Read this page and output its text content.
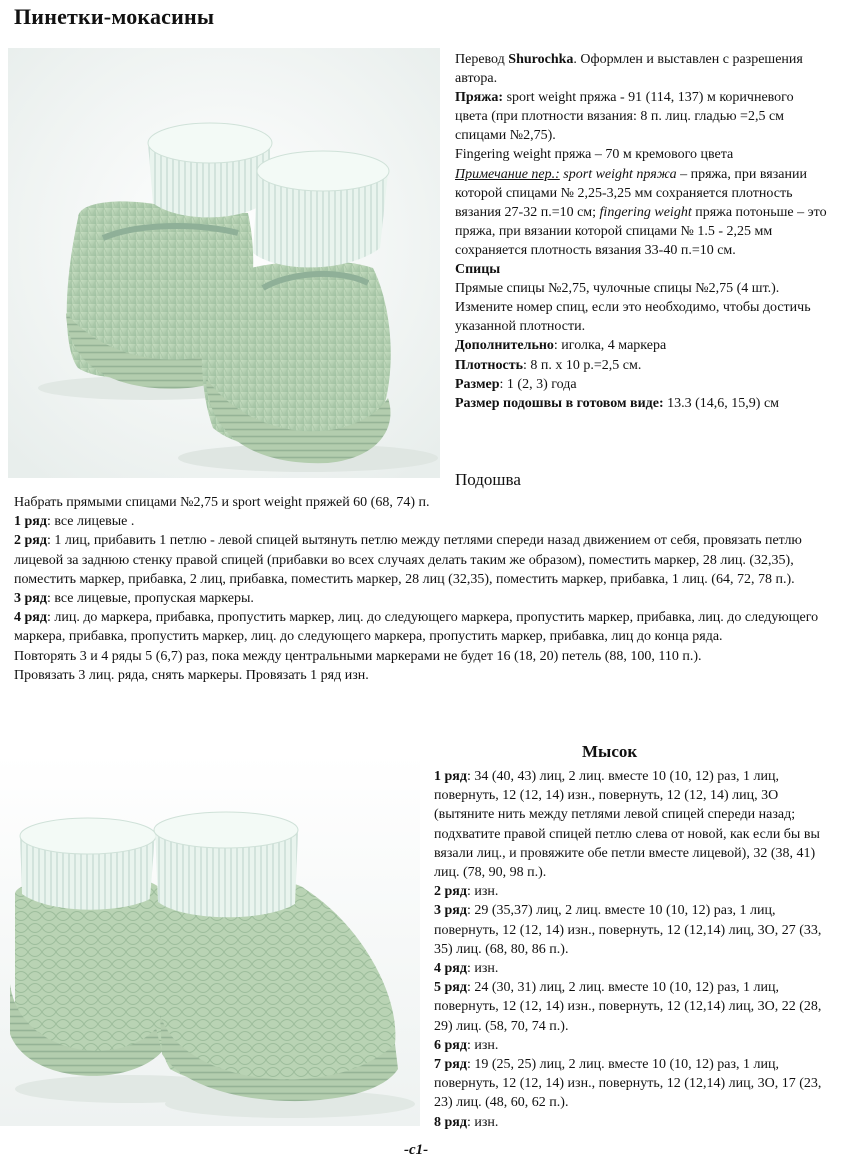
Пинетки-мокасины

Перевод Shurochka. Оформлен и выставлен с разрешения автора.

Пряжа: sport weight пряжа - 91 (114, 137) м коричневого цвета (при плотности вязания: 8 п. лиц. гладью =2,5 см спицами №2,75).

Fingering weight пряжа – 70 м кремового цвета

Примечание пер.: sport weight пряжа – пряжа, при вязании которой спицами № 2,25-3,25 мм сохраняется плотность вязания 27-32 п.=10 см; fingering weight пряжа потоньше – это пряжа, при вязании которой спицами № 1.5 - 2,25 мм сохраняется плотность вязания 33-40 п.=10 см.

Спицы

Прямые спицы №2,75, чулочные спицы №2,75 (4 шт.). Измените номер спиц, если это необходимо, чтобы достичь указанной плотности.

Дополнительно: иголка, 4 маркера

Плотность: 8 п. x 10 р.=2,5 см.

Размер: 1 (2, 3) года

Размер подошвы в готовом виде: 13.3 (14,6, 15,9) см

Подошва

Набрать прямыми спицами №2,75 и sport weight пряжей 60 (68, 74) п.

1 ряд: все лицевые .

2 ряд: 1 лиц, прибавить 1 петлю - левой спицей вытянуть петлю между петлями спереди назад движением от себя, провязать петлю лицевой за заднюю стенку правой спицей (прибавки во всех случаях делать таким же образом), поместить маркер, 28 лиц. (32,35), поместить маркер, прибавка, 2 лиц, прибавка, поместить маркер, 28 лиц (32,35), поместить маркер, прибавка, 1 лиц. (64, 72, 78 п.).

3 ряд: все лицевые, пропуская маркеры.

4 ряд: лиц. до маркера, прибавка, пропустить маркер, лиц. до следующего маркера, пропустить маркер, прибавка, лиц. до следующего маркера, прибавка, пропустить маркер, лиц. до следующего маркера, пропустить маркер, прибавка, лиц до конца ряда.

Повторять 3 и 4 ряды 5 (6,7) раз, пока между центральными маркерами не будет 16 (18, 20) петель (88, 100, 110 п.).

Провязать 3 лиц. ряда, снять маркеры. Провязать 1 ряд изн.

Мысок

1 ряд: 34 (40, 43) лиц, 2 лиц. вместе 10 (10, 12) раз, 1 лиц, повернуть, 12 (12, 14) изн., повернуть, 12 (12, 14) лиц, 3О (вытяните нить между петлями левой спицей спереди назад; подхватите правой спицей петлю слева от новой, как если бы вы вязали лиц., и провяжите обе петли вместе лицевой), 32 (38, 41) лиц. (78, 90, 98 п.).

2 ряд: изн.

3 ряд: 29 (35,37) лиц, 2 лиц. вместе 10 (10, 12) раз, 1 лиц, повернуть, 12 (12, 14) изн., повернуть, 12 (12,14) лиц, 3О, 27 (33, 35) лиц. (68, 80, 86 п.).

4 ряд: изн.

5 ряд: 24 (30, 31) лиц, 2 лиц. вместе 10 (10, 12) раз, 1 лиц, повернуть, 12 (12, 14) изн., повернуть, 12 (12,14) лиц, 3О, 22 (28, 29) лиц. (58, 70, 74 п.).

6 ряд: изн.

7 ряд: 19 (25, 25) лиц, 2 лиц. вместе 10 (10, 12) раз, 1 лиц, повернуть, 12 (12, 14) изн., повернуть, 12 (12,14) лиц, 3О, 17 (23, 23) лиц. (48, 60, 62 п.).

8 ряд: изн.

-с1-
